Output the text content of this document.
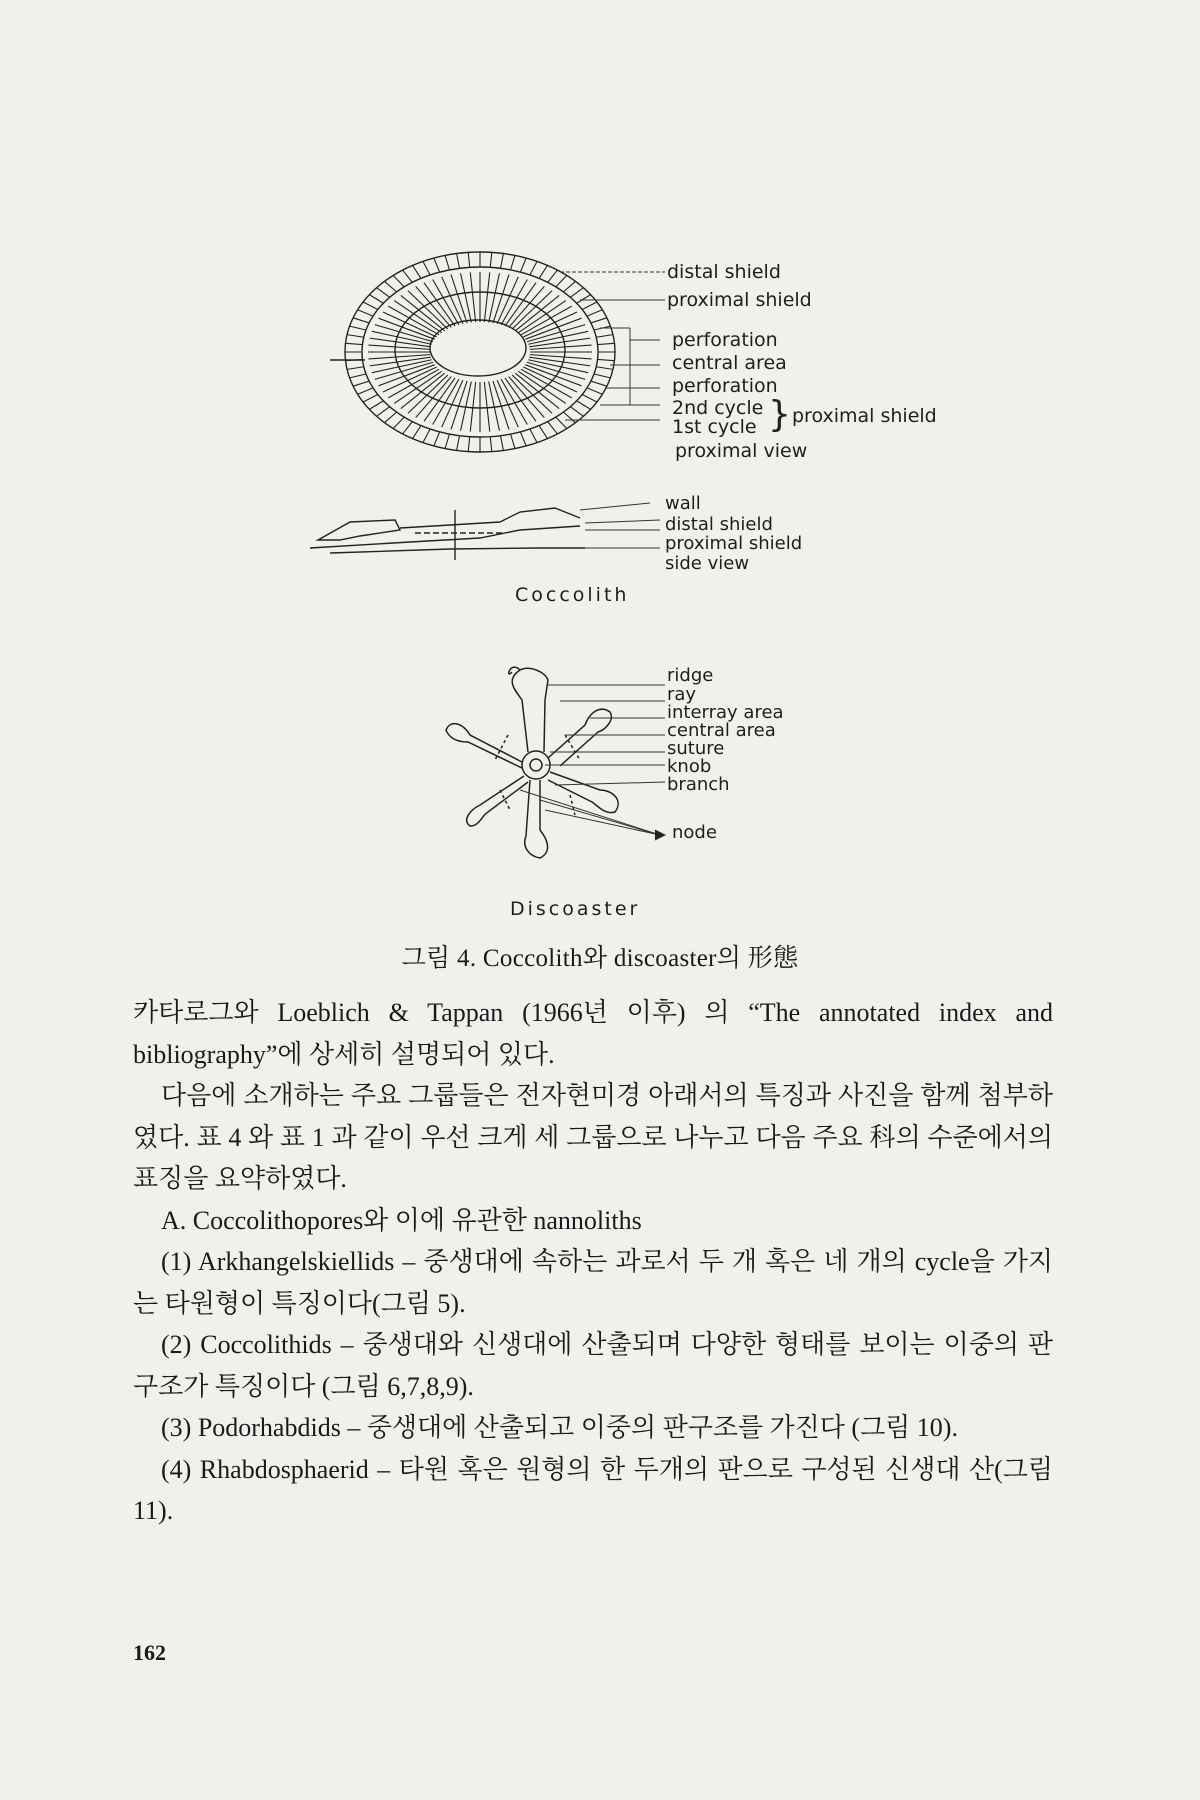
distal shield
proximal shield
perforation
central area
perforation
2nd cycle
1st cycle } proximal shield
proximal view
wall
distal shield
proximal shield
side view
Coccolith
ridge
ray
interray area
central area
suture
knob
branch
node
Discoaster
그림 4. Coccolith와 discoaster의 形態

카타로그와 Loeblich & Tappan (1966년 이후) 의 “The annotated index and bibliography”에 상세히 설명되어 있다.

다음에 소개하는 주요 그룹들은 전자현미경 아래서의 특징과 사진을 함께 첨부하였다. 표 4 와 표 1 과 같이 우선 크게 세 그룹으로 나누고 다음 주요 科의 수준에서의 표징을 요약하였다.

A. Coccolithopores와 이에 유관한 nannoliths

(1) Arkhangelskiellids – 중생대에 속하는 과로서 두 개 혹은 네 개의 cycle을 가지는 타원형이 특징이다(그림 5).

(2) Coccolithids – 중생대와 신생대에 산출되며 다양한 형태를 보이는 이중의 판구조가 특징이다 (그림 6,7,8,9).

(3) Podorhabdids – 중생대에 산출되고 이중의 판구조를 가진다 (그림 10).

(4) Rhabdosphaerid – 타원 혹은 원형의 한 두개의 판으로 구성된 신생대 산(그림 11).

162
